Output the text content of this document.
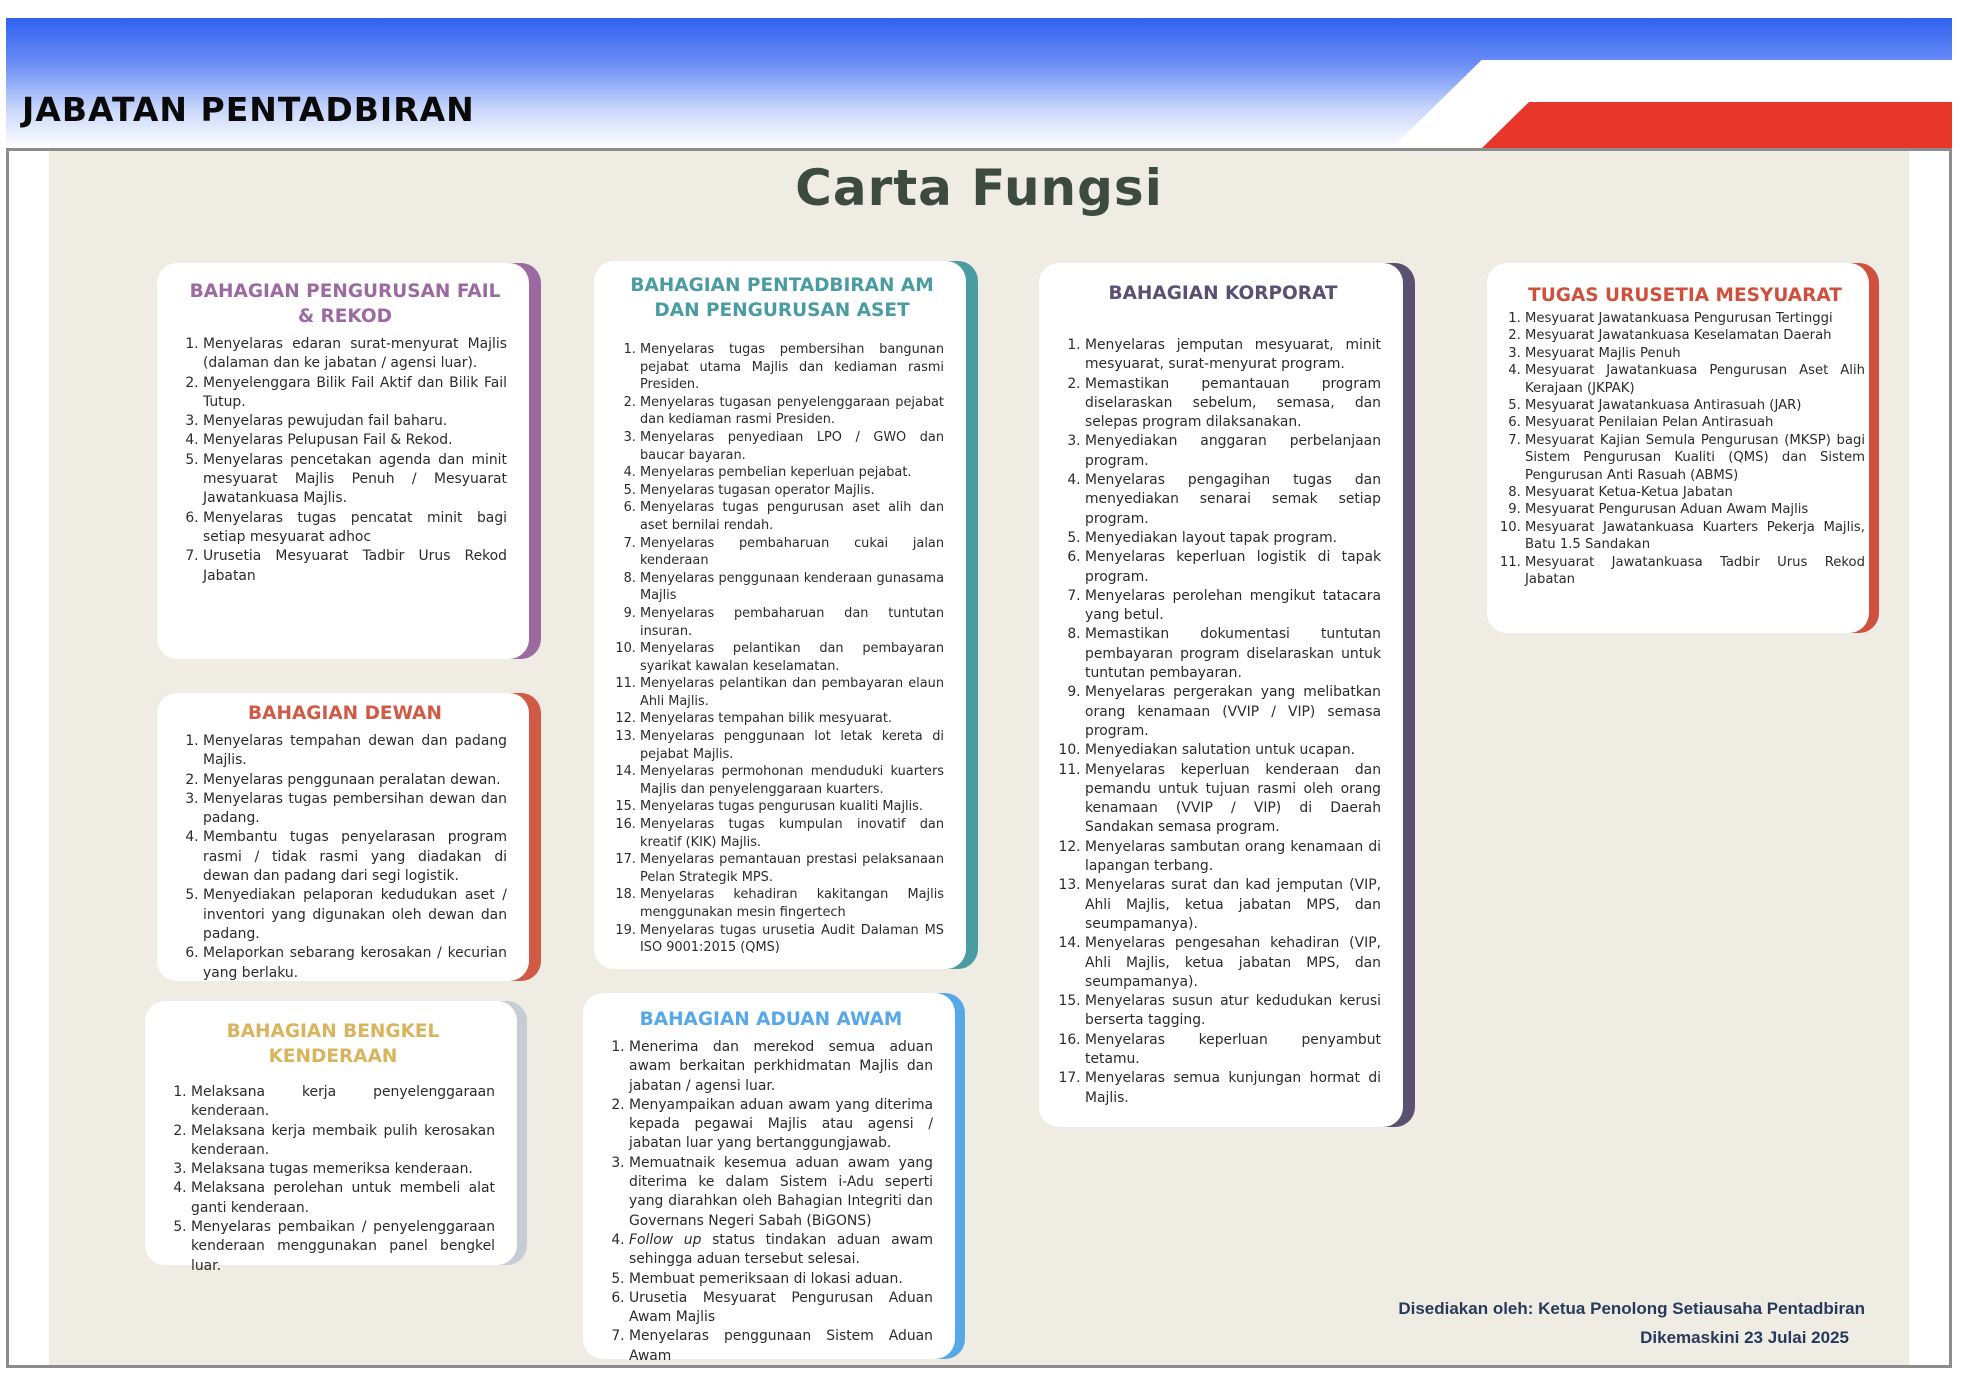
JABATAN PENTADBIRAN
Carta Fungsi
BAHAGIAN PENGURUSAN FAIL & REKOD
1. Menyelaras edaran surat-menyurat Majlis (dalaman dan ke jabatan / agensi luar).
2. Menyelenggara Bilik Fail Aktif dan Bilik Fail Tutup.
3. Menyelaras pewujudan fail baharu.
4. Menyelaras Pelupusan Fail & Rekod.
5. Menyelaras pencetakan agenda dan minit mesyuarat Majlis Penuh / Mesyuarat Jawatankuasa Majlis.
6. Menyelaras tugas pencatat minit bagi setiap mesyuarat adhoc
7. Urusetia Mesyuarat Tadbir Urus Rekod Jabatan
BAHAGIAN DEWAN
1. Menyelaras tempahan dewan dan padang Majlis.
2. Menyelaras penggunaan peralatan dewan.
3. Menyelaras tugas pembersihan dewan dan padang.
4. Membantu tugas penyelarasan program rasmi / tidak rasmi yang diadakan di dewan dan padang dari segi logistik.
5. Menyediakan pelaporan kedudukan aset / inventori yang digunakan oleh dewan dan padang.
6. Melaporkan sebarang kerosakan / kecurian yang berlaku.
BAHAGIAN BENGKEL KENDERAAN
1. Melaksana kerja penyelenggaraan kenderaan.
2. Melaksana kerja membaik pulih kerosakan kenderaan.
3. Melaksana tugas memeriksa kenderaan.
4. Melaksana perolehan untuk membeli alat ganti kenderaan.
5. Menyelaras pembaikan / penyelenggaraan kenderaan menggunakan panel bengkel luar.
BAHAGIAN PENTADBIRAN AM DAN PENGURUSAN ASET
1. Menyelaras tugas pembersihan bangunan pejabat utama Majlis dan kediaman rasmi Presiden.
2. Menyelaras tugasan penyelenggaraan pejabat dan kediaman rasmi Presiden.
3. Menyelaras penyediaan LPO / GWO dan baucar bayaran.
4. Menyelaras pembelian keperluan pejabat.
5. Menyelaras tugasan operator Majlis.
6. Menyelaras tugas pengurusan aset alih dan aset bernilai rendah.
7. Menyelaras pembaharuan cukai jalan kenderaan
8. Menyelaras penggunaan kenderaan gunasama Majlis
9. Menyelaras pembaharuan dan tuntutan insuran.
10. Menyelaras pelantikan dan pembayaran syarikat kawalan keselamatan.
11. Menyelaras pelantikan dan pembayaran elaun Ahli Majlis.
12. Menyelaras tempahan bilik mesyuarat.
13. Menyelaras penggunaan lot letak kereta di pejabat Majlis.
14. Menyelaras permohonan menduduki kuarters Majlis dan penyelenggaraan kuarters.
15. Menyelaras tugas pengurusan kualiti Majlis.
16. Menyelaras tugas kumpulan inovatif dan kreatif (KIK) Majlis.
17. Menyelaras pemantauan prestasi pelaksanaan Pelan Strategik MPS.
18. Menyelaras kehadiran kakitangan Majlis menggunakan mesin fingertech
19. Menyelaras tugas urusetia Audit Dalaman MS ISO 9001:2015 (QMS)
BAHAGIAN ADUAN AWAM
1. Menerima dan merekod semua aduan awam berkaitan perkhidmatan Majlis dan jabatan / agensi luar.
2. Menyampaikan aduan awam yang diterima kepada pegawai Majlis atau agensi / jabatan luar yang bertanggungjawab.
3. Memuatnaik kesemua aduan awam yang diterima ke dalam Sistem i-Adu seperti yang diarahkan oleh Bahagian Integriti dan Governans Negeri Sabah (BiGONS)
4. Follow up status tindakan aduan awam sehingga aduan tersebut selesai.
5. Membuat pemeriksaan di lokasi aduan.
6. Urusetia Mesyuarat Pengurusan Aduan Awam Majlis
7. Menyelaras penggunaan Sistem Aduan Awam
BAHAGIAN KORPORAT
1. Menyelaras jemputan mesyuarat, minit mesyuarat, surat-menyurat program.
2. Memastikan pemantauan program diselaraskan sebelum, semasa, dan selepas program dilaksanakan.
3. Menyediakan anggaran perbelanjaan program.
4. Menyelaras pengagihan tugas dan menyediakan senarai semak setiap program.
5. Menyediakan layout tapak program.
6. Menyelaras keperluan logistik di tapak program.
7. Menyelaras perolehan mengikut tatacara yang betul.
8. Memastikan dokumentasi tuntutan pembayaran program diselaraskan untuk tuntutan pembayaran.
9. Menyelaras pergerakan yang melibatkan orang kenamaan (VVIP / VIP) semasa program.
10. Menyediakan salutation untuk ucapan.
11. Menyelaras keperluan kenderaan dan pemandu untuk tujuan rasmi oleh orang kenamaan (VVIP / VIP) di Daerah Sandakan semasa program.
12. Menyelaras sambutan orang kenamaan di lapangan terbang.
13. Menyelaras surat dan kad jemputan (VIP, Ahli Majlis, ketua jabatan MPS, dan seumpamanya).
14. Menyelaras pengesahan kehadiran (VIP, Ahli Majlis, ketua jabatan MPS, dan seumpamanya).
15. Menyelaras susun atur kedudukan kerusi berserta tagging.
16. Menyelaras keperluan penyambut tetamu.
17. Menyelaras semua kunjungan hormat di Majlis.
TUGAS URUSETIA MESYUARAT
1. Mesyuarat Jawatankuasa Pengurusan Tertinggi
2. Mesyuarat Jawatankuasa Keselamatan Daerah
3. Mesyuarat Majlis Penuh
4. Mesyuarat Jawatankuasa Pengurusan Aset Alih Kerajaan (JKPAK)
5. Mesyuarat Jawatankuasa Antirasuah (JAR)
6. Mesyuarat Penilaian Pelan Antirasuah
7. Mesyuarat Kajian Semula Pengurusan (MKSP) bagi Sistem Pengurusan Kualiti (QMS) dan Sistem Pengurusan Anti Rasuah (ABMS)
8. Mesyuarat Ketua-Ketua Jabatan
9. Mesyuarat Pengurusan Aduan Awam Majlis
10. Mesyuarat Jawatankuasa Kuarters Pekerja Majlis, Batu 1.5 Sandakan
11. Mesyuarat Jawatankuasa Tadbir Urus Rekod Jabatan

Disediakan oleh: Ketua Penolong Setiausaha Pentadbiran

Dikemaskini 23 Julai 2025
